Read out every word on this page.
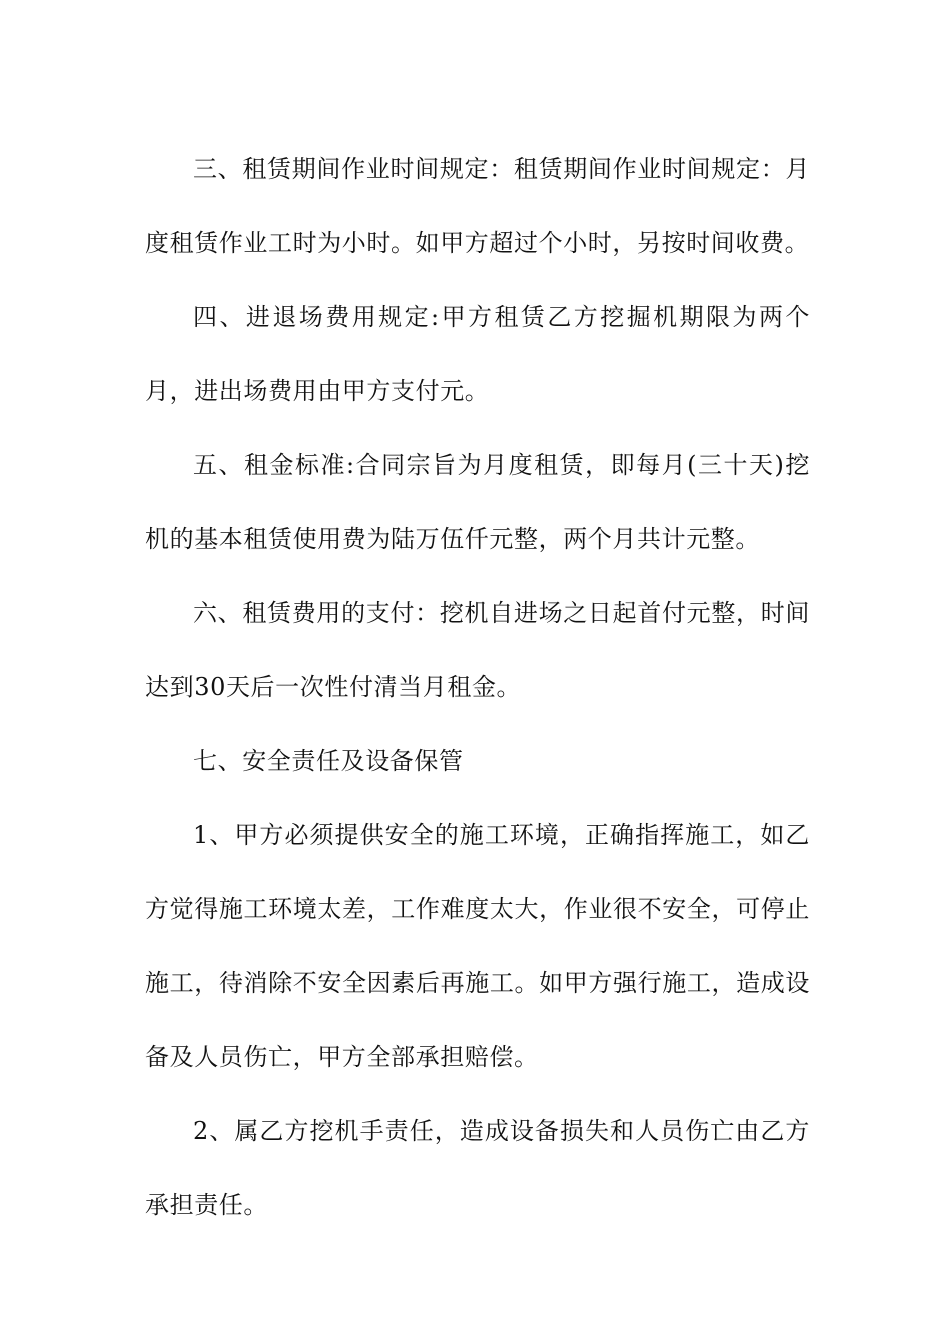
三、租赁期间作业时间规定：租赁期间作业时间规定：月度租赁作业工时为小时。如甲方超过个小时，另按时间收费。

四、进退场费用规定:甲方租赁乙方挖掘机期限为两个月，进出场费用由甲方支付元。

五、租金标准:合同宗旨为月度租赁，即每月(三十天)挖机的基本租赁使用费为陆万伍仟元整，两个月共计元整。

六、租赁费用的支付：挖机自进场之日起首付元整，时间达到30天后一次性付清当月租金。

七、安全责任及设备保管

1、甲方必须提供安全的施工环境，正确指挥施工，如乙方觉得施工环境太差，工作难度太大，作业很不安全，可停止施工，待消除不安全因素后再施工。如甲方强行施工，造成设备及人员伤亡，甲方全部承担赔偿。

2、属乙方挖机手责任，造成设备损失和人员伤亡由乙方承担责任。
